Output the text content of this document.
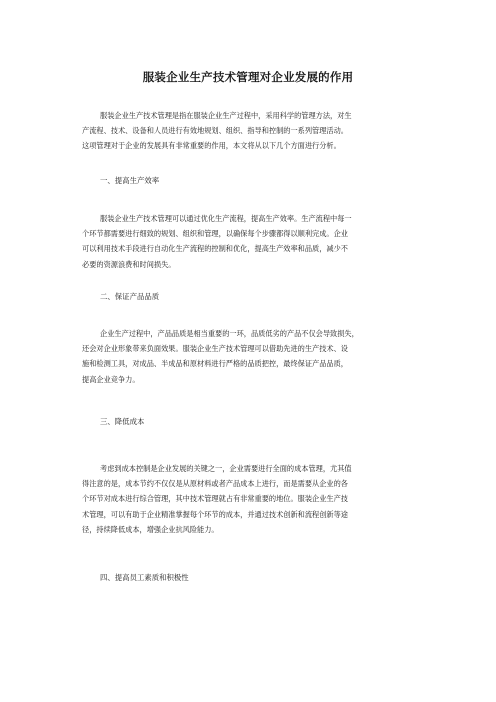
服装企业生产技术管理对企业发展的作用

服装企业生产技术管理是指在服装企业生产过程中，采用科学的管理方法，对生
产流程、技术、设备和人员进行有效地规划、组织、指导和控制的一系列管理活动。
这项管理对于企业的发展具有非常重要的作用，本文将从以下几个方面进行分析。

一、提高生产效率

服装企业生产技术管理可以通过优化生产流程，提高生产效率。生产流程中每一
个环节都需要进行细致的规划、组织和管理，以确保每个步骤都得以顺利完成。企业
可以利用技术手段进行自动化生产流程的控制和优化，提高生产效率和品质，减少不
必要的资源浪费和时间损失。

二、保证产品品质

企业生产过程中，产品品质是相当重要的一环，品质低劣的产品不仅会导致损失，
还会对企业形象带来负面效果。服装企业生产技术管理可以借助先进的生产技术、设
施和检测工具，对成品、半成品和原材料进行严格的品质把控，最终保证产品品质，
提高企业竞争力。

三、降低成本

考虑到成本控制是企业发展的关键之一，企业需要进行全面的成本管理，尤其值
得注意的是，成本节约不仅仅是从原材料或者产品成本上进行，而是需要从企业的各
个环节对成本进行综合管理，其中技术管理就占有非常重要的地位。服装企业生产技
术管理，可以有助于企业精准掌握每个环节的成本，并通过技术创新和流程创新等途
径，持续降低成本，增强企业抗风险能力。

四、提高员工素质和积极性
